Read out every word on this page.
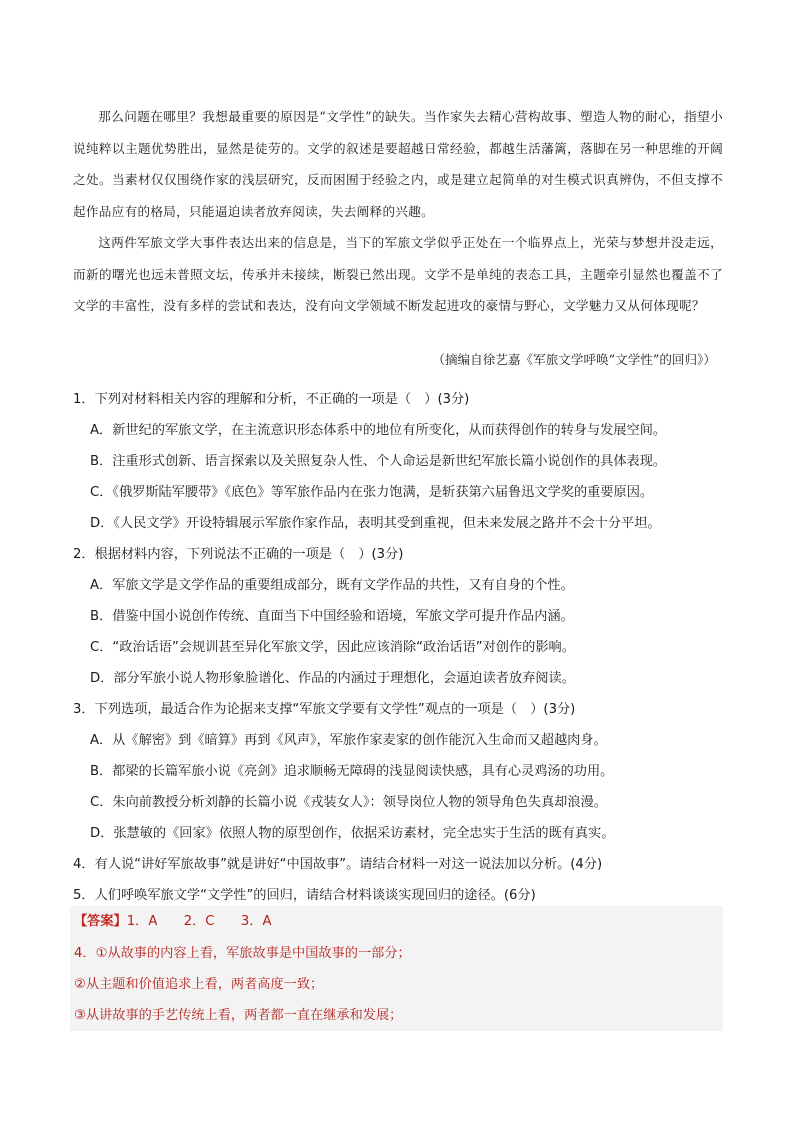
那么问题在哪里？我想最重要的原因是“文学性”的缺失。当作家失去精心营构故事、塑造人物的耐心，指望小说纯粹以主题优势胜出，显然是徒劳的。文学的叙述是要超越日常经验，都越生活藩篱，落脚在另一种思维的开阔之处。当素材仅仅围绕作家的浅层研究，反而困囿于经验之内，或是建立起简单的对生模式识真辨伪，不但支撑不起作品应有的格局，只能逼迫读者放弃阅读，失去阐释的兴趣。

这两件军旅文学大事件表达出来的信息是，当下的军旅文学似乎正处在一个临界点上，光荣与梦想并没走远，而新的曙光也远未普照文坛，传承并未接续，断裂已然出现。文学不是单纯的表态工具，主题牵引显然也覆盖不了文学的丰富性，没有多样的尝试和表达，没有向文学领域不断发起进攻的豪情与野心，文学魅力又从何体现呢？

（摘编自徐艺嘉《军旅文学呼唤“文学性”的回归》）
1．下列对材料相关内容的理解和分析，不正确的一项是（　）(3分)
A．新世纪的军旅文学，在主流意识形态体系中的地位有所变化，从而获得创作的转身与发展空间。
B．注重形式创新、语言探索以及关照复杂人性、个人命运是新世纪军旅长篇小说创作的具体表现。
C．《俄罗斯陆军腰带》《底色》等军旅作品内在张力饱满，是斩获第六届鲁迅文学奖的重要原因。
D．《人民文学》开设特辑展示军旅作家作品，表明其受到重视，但未来发展之路并不会十分平坦。
2．根据材料内容，下列说法不正确的一项是（　）(3分)
A．军旅文学是文学作品的重要组成部分，既有文学作品的共性，又有自身的个性。
B．借鉴中国小说创作传统、直面当下中国经验和语境，军旅文学可提升作品内涵。
C．“政治话语”会规训甚至异化军旅文学，因此应该消除“政治话语”对创作的影响。
D．部分军旅小说人物形象脸谱化、作品的内涵过于理想化，会逼迫读者放弃阅读。
3．下列选项，最适合作为论据来支撑“军旅文学要有文学性”观点的一项是（　）(3分)
A．从《解密》到《暗算》再到《风声》，军旅作家麦家的创作能沉入生命而又超越肉身。
B．都梁的长篇军旅小说《亮剑》追求顺畅无障碍的浅显阅读快感，具有心灵鸡汤的功用。
C．朱向前教授分析刘静的长篇小说《戎装女人》：领导岗位人物的领导角色失真却浪漫。
D．张慧敏的《回家》依照人物的原型创作，依据采访素材，完全忠实于生活的既有真实。
4．有人说“讲好军旅故事”就是讲好“中国故事”。请结合材料一对这一说法加以分析。(4分)
5．人们呼唤军旅文学“文学性”的回归，请结合材料谈谈实现回归的途径。(6分)
【答案】1．A　　2．C　　3．A
4．①从故事的内容上看，军旅故事是中国故事的一部分；
②从主题和价值追求上看，两者高度一致；
③从讲故事的手艺传统上看，两者都一直在继承和发展；
